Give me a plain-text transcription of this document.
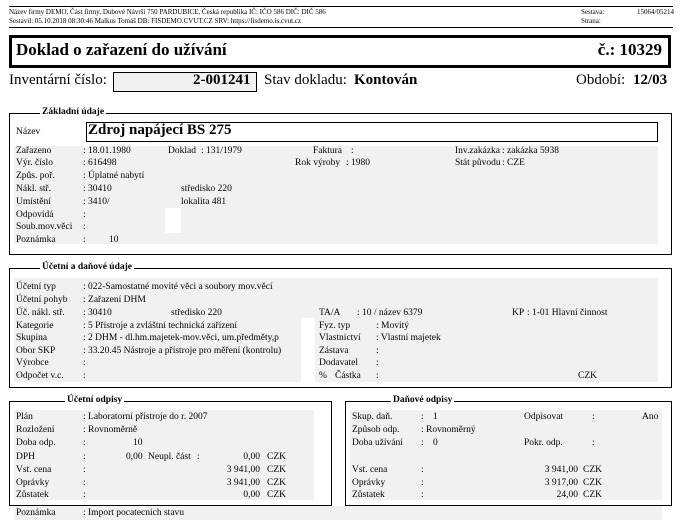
Název firmy DEMO, Část firmy, Dubové Návrší 750 PARDUBICE, Česká republika IČ: IČO 586 DIČ: DIČ 586
Sestavil: 05.10.2018 08:30:46 Malkus Tomáš DB: FISDEMO.CVUT.CZ SRV: https://fisdemo.is.cvut.cz
Sestava:	15064/05214
Strana:
Doklad o zařazení do užívání	č.: 10329
Inventární číslo:	2-001241 Stav dokladu: Kontován	Období: 12/03
Základní údaje
Název	Zdroj napájecí BS 275
Zařazeno	: 18.01.1980	Doklad : 131/1979	Faktura :	Inv.zakázka : zakázka 5938
Výr. číslo	: 616498	Rok výroby : 1980	Stát původu : CZE
Způs. poř.	: Úplatné nabytí
Nákl. stř.	: 30410	středisko 220
Umístění	: 3410/	lokalita 481
Odpovídá	:
Soub.mov.věci :
Poznámka	: 10
Účetní a daňové údaje
Účetní typ	: 022-Samostatné movité věci a soubory mov.věcí
Účetní pohyb : Zařazení DHM
Úč. nákl. stř. : 30410	středisko 220	TA/A : 10 / název 6379	KP : 1-01 Hlavní činnost
Kategorie	: 5 Přístroje a zvláštní technická zařízení	Fyz. typ	: Movitý
Skupina	: 2 DHM - dl.hm.majetek-mov.věci, um.předměty,p	Vlastnictví : Vlastní majetek
Obor SKP	: 33.20.45 Nástroje a přístroje pro měření (kontrolu)	Zástava	:
Výrobce	:	Dodavatel :
Odpočet v.c. :	% Částka :	CZK
Účetní odpisy
Plán	: Laboratorní přístroje do r. 2007
Rozložení	: Rovnoměrně
Doba odp.	:	10
DPH	:	0,00 Neupl. část :	0,00 CZK
Vst. cena	:	3 941,00 CZK
Oprávky	:	3 941,00 CZK
Zůstatek	:	0,00 CZK
Daňové odpisy
Skup. daň.	: 1	Odpisovat	:	Ano
Způsob odp. : Rovnoměrný
Doba užívání : 0	Pokr. odp.	:
Vst. cena	:	3 941,00 CZK
Oprávky	:	3 917,00 CZK
Zůstatek	:	24,00 CZK
Poznámka	: Import pocatecnich stavu
